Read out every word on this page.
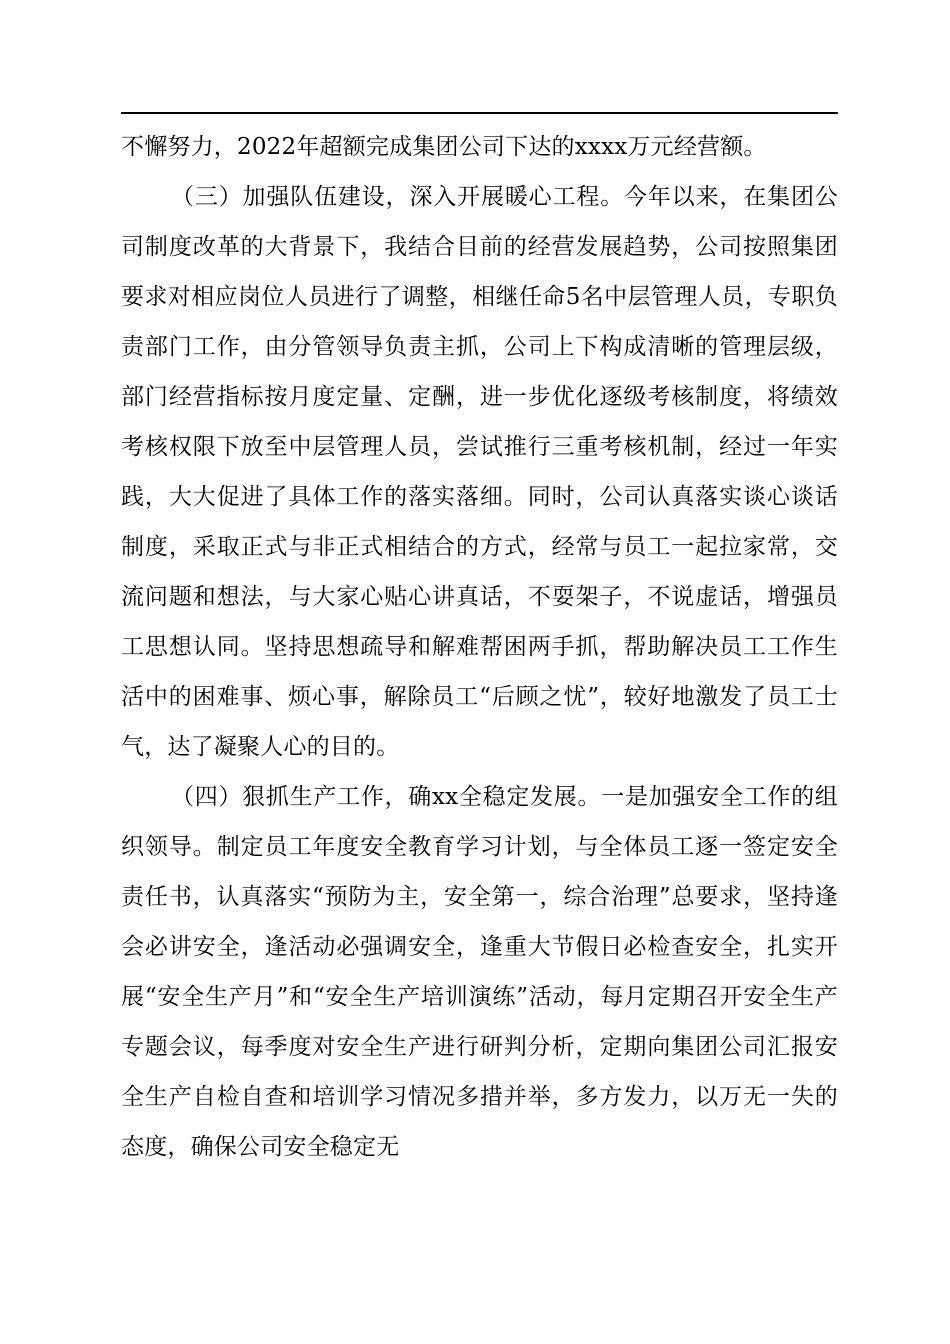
不懈努力，2022年超额完成集团公司下达的xxxx万元经营额。

（三）加强队伍建设，深入开展暖心工程。今年以来，在集团公司制度改革的大背景下，我结合目前的经营发展趋势，公司按照集团要求对相应岗位人员进行了调整，相继任命5名中层管理人员，专职负责部门工作，由分管领导负责主抓，公司上下构成清晰的管理层级，部门经营指标按月度定量、定酬，进一步优化逐级考核制度，将绩效考核权限下放至中层管理人员，尝试推行三重考核机制，经过一年实践，大大促进了具体工作的落实落细。同时，公司认真落实谈心谈话制度，采取正式与非正式相结合的方式，经常与员工一起拉家常，交流问题和想法，与大家心贴心讲真话，不耍架子，不说虚话，增强员工思想认同。坚持思想疏导和解难帮困两手抓，帮助解决员工工作生活中的困难事、烦心事，解除员工“后顾之忧”，较好地激发了员工士气，达了凝聚人心的目的。

（四）狠抓生产工作，确xx全稳定发展。一是加强安全工作的组织领导。制定员工年度安全教育学习计划，与全体员工逐一签定安全责任书，认真落实“预防为主，安全第一，综合治理”总要求，坚持逢会必讲安全，逢活动必强调安全，逢重大节假日必检查安全，扎实开展“安全生产月”和“安全生产培训演练”活动，每月定期召开安全生产专题会议，每季度对安全生产进行研判分析，定期向集团公司汇报安全生产自检自查和培训学习情况多措并举，多方发力，以万无一失的态度，确保公司安全稳定无
